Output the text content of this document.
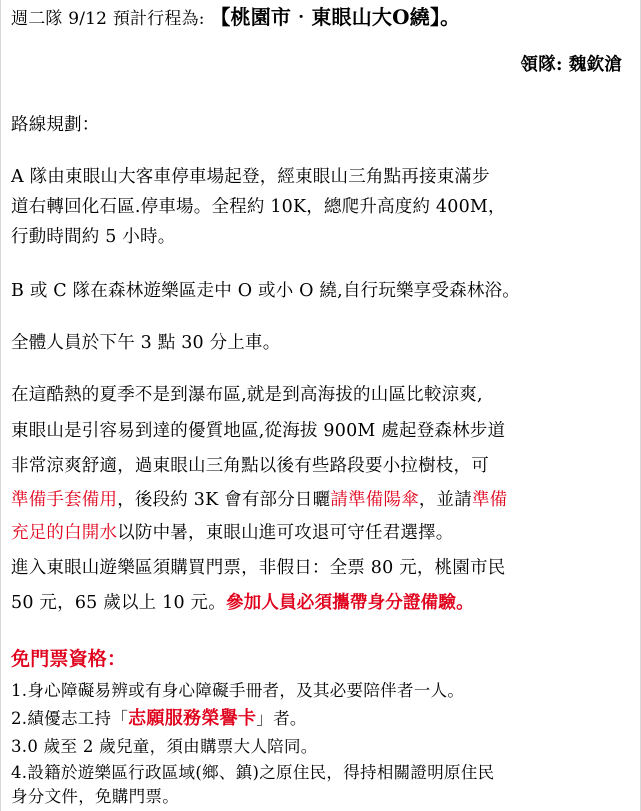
週二隊 9/12 預計行程為: 【桃園市‧東眼山大O繞】。
領隊: 魏欽滄
路線規劃：
A 隊由東眼山大客車停車場起登，經東眼山三角點再接東滿步
道右轉回化石區.停車場。全程約 10K，總爬升高度約 400M，
行動時間約 5 小時。
B 或 C 隊在森林遊樂區走中 O 或小 O 繞,自行玩樂享受森林浴。
全體人員於下午 3 點 30 分上車。
在這酷熱的夏季不是到瀑布區,就是到高海拔的山區比較涼爽,
東眼山是引容易到達的優質地區,從海拔 900M 處起登森林步道
非常涼爽舒適，過東眼山三角點以後有些路段要小拉樹枝，可
準備手套備用，後段約 3K 會有部分日曬請準備陽傘，並請準備
充足的白開水以防中暑，東眼山進可攻退可守任君選擇。
進入東眼山遊樂區須購買門票，非假日：全票 80 元，桃園市民
50 元，65 歲以上 10 元。參加人員必須攜帶身分證備驗。
免門票資格：
1.身心障礙易辨或有身心障礙手冊者，及其必要陪伴者一人。
2.績優志工持「志願服務榮譽卡」者。
3.0 歲至 2 歲兒童，須由購票大人陪同。
4.設籍於遊樂區行政區域(鄉、鎮)之原住民，得持相關證明原住民
身分文件，免購門票。
